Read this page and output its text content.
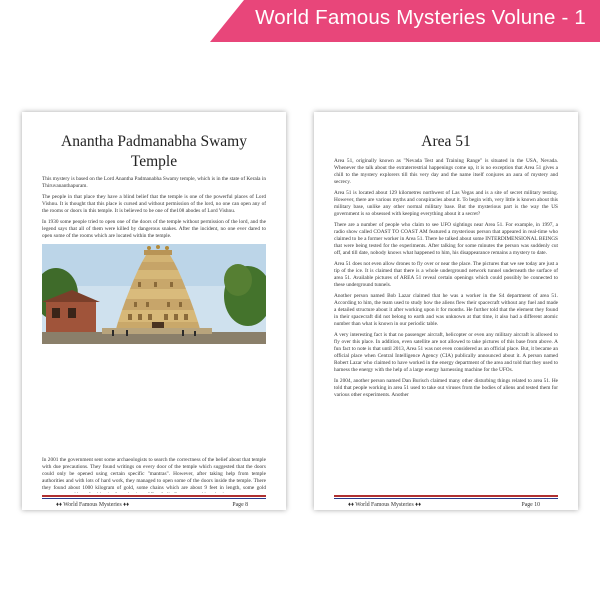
World Famous Mysteries Volune - 1
Anantha Padmanabha Swamy
Temple

This mystery is based on the Lord Anantha Padmanabha Swamy temple, which is in the state of Kerala in Thiruvananthapuram.

The people in that place they have a blind belief that the temple is one of the powerful places of Lord Vishnu. It is thought that this place is cursed and without permission of the lord, no one can open any of the rooms or doors in this temple. It is believed to be one of the108 abodes of Lord Vishnu.

In 1930 some people tried to open one of the doors of the temple without permission of the lord, and the legend says that all of them were killed by dangerous snakes. After the incident, no one ever dared to open some of the rooms which are located within the temple.

In 2001 the government sent some archaeologists to search the correctness of the belief about that temple with due precautions. They found writings on every door of the temple which suggested that the doors could only be opened using certain specific "mantras". However, after taking help from temple authorities and with lots of hard work, they managed to open some of the doors inside the temple. There they found about 1000 kilogram of gold, some chains which are about 9 feet in length, some gold

♦♦ World Famous Mysteries ♦♦	Page 8
Area 51

Area 51, originally known as "Nevada Test and Training Range" is situated in the USA, Nevada. Whenever the talk about the extraterrestrial happenings come up, it is no exception that Area 51 gives a chill to the mystery explorers till this very day and the name itself conjures an aura of mystery and secrecy.

Area 51 is located about 129 kilometres northwest of Las Vegas and is a site of secret military testing. However, there are various myths and conspiracies about it. To begin with, very little is known about this military base, unlike any other normal military base. But the mysterious part is the way the US government is so obsessed with keeping everything about it a secret?

There are a number of people who claim to see UFO sightings near Area 51. For example, in 1997, a radio show called COAST TO COAST AM featured a mysterious person that appeared in real-time who claimed to be a former worker in Area 51. There he talked about some INTERDIMENSIONAL BEINGS that were being tested for the experiments. After talking for some minutes the person was suddenly cut off, and till date, nobody knows what happened to him, his disappearance remains a mystery to date.

Area 51 does not even allow drones to fly over or near the place. The pictures that we see today are just a tip of the ice. It is claimed that there is a whole underground network tunnel underneath the surface of area 51. Available pictures of AREA 51 reveal certain openings which could possibly be connected to these underground tunnels.

Another person named Bob Lazar claimed that he was a worker in the S4 department of area 51. According to him, the team used to study how the aliens flew their spacecraft without any fuel and made a detailed structure about it after working upon it for months. He further told that the element they found in their spacecraft did not belong to earth and was unknown at that time, it also had a different atomic number than what is known in our periodic table.

A very interesting fact is that no passenger aircraft, helicopter or even any military aircraft is allowed to fly over this place. In addition, even satellite are not allowed to take pictures of this base from above. A fun fact to note is that until 2013, Area 51 was not even considered as an official place. But, it became an official place when Central Intelligence Agency (CIA) publically announced about it. A person named Robert Lazar who claimed to have worked in the energy department of the area and told that they used to harness the energy with the help of a large energy harnessing machine for the UFOs.

In 2004, another person named Dan Burisch claimed many other disturbing things related to area 51. He told that people working in area 51 used to take out viruses from the bodies of aliens and tested them for various other experiments. Another

♦♦ World Famous Mysteries ♦♦	Page 10
